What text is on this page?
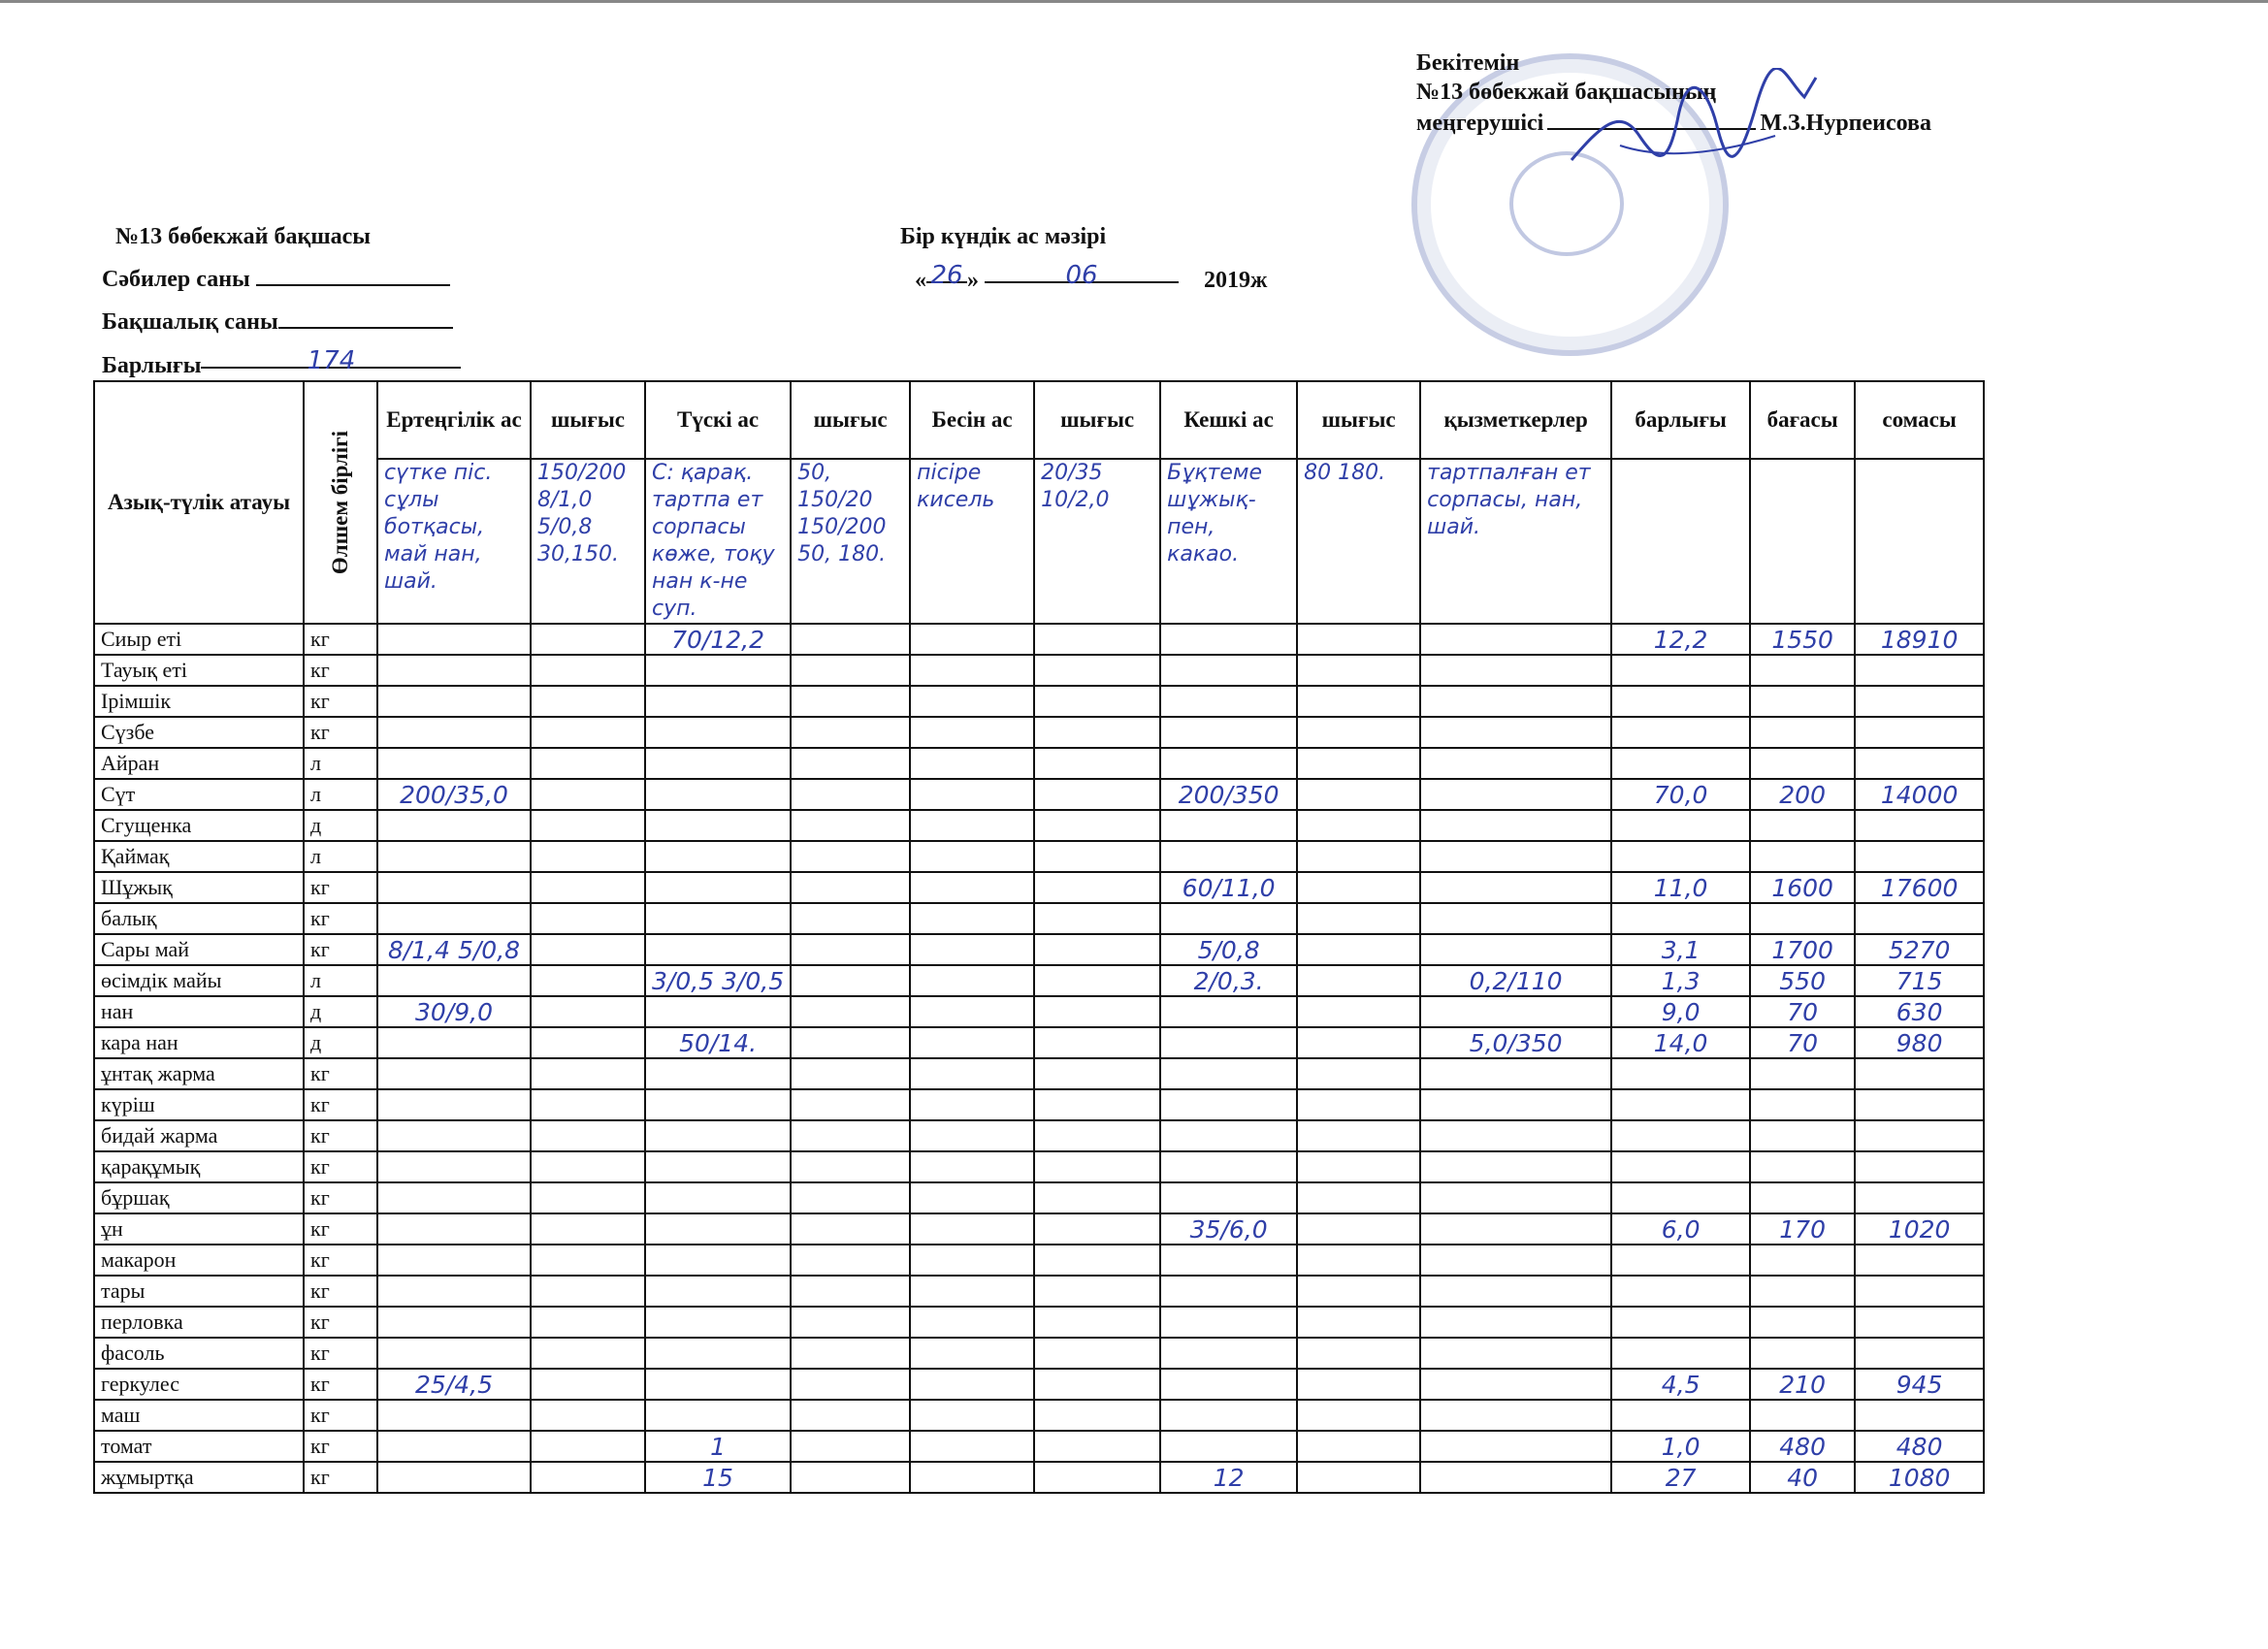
Бекітемін
№13 бөбекжай бақшасының
меңгерушісі	М.З.Нурпеисова
№13 бөбекжай бақшасы
Сәбилер саны
Бақшалық саны
Барлығы	174
Бір күндік ас мәзірі
« 26 »	06	2019ж
Азық-түлік атауы	Өлшем бірлігі	Ертеңгілік ас	шығыс	Түскі ас	шығыс	Бесін ас	шығыс	Кешкі ас	шығыс	қызметкерлер	барлығы	бағасы	сомасы

		сүтке піс. сұлы ботқасы, май нан, шай.	150/200 8/1,0 5/0,8 30,150.	С: қарақ. тартпа ет сорпасы көже, тоқу нан к-не суп.	50, 150/20 150/200 50, 180.	пісіре кисель	20/35 10/2,0	Бұқтеме шұжық-пен, какао.	80 180.	тартпалған ет сорпасы, нан, шай.			

Сиыр еті	кг			70/12,2							12,2	1550	18910
Тауық еті	кг												
Ірімшік	кг												
Сүзбе	кг												
Айран	л												
Сүт	л	200/35,0						200/350			70,0	200	14000
Сгущенка	д												
Қаймақ	л												
Шұжық	кг							60/11,0			11,0	1600	17600
балық	кг												
Сары май	кг	8/1,4 5/0,8						5/0,8			3,1	1700	5270
өсімдік майы	л			3/0,5 3/0,5				2/0,3.		0,2/110	1,3	550	715
нан	д	30/9,0									9,0	70	630
кара нан	д			50/14.						5,0/350	14,0	70	980
ұнтақ жарма	кг												
күріш	кг												
бидай жарма	кг												
қарақұмық	кг												
бұршақ	кг												
ұн	кг							35/6,0			6,0	170	1020
макарон	кг												
тары	кг												
перловка	кг												
фасоль	кг												
геркулес	кг	25/4,5									4,5	210	945
маш	кг												
томат	кг			1							1,0	480	480
жұмыртқа	кг			15				12			27	40	1080
